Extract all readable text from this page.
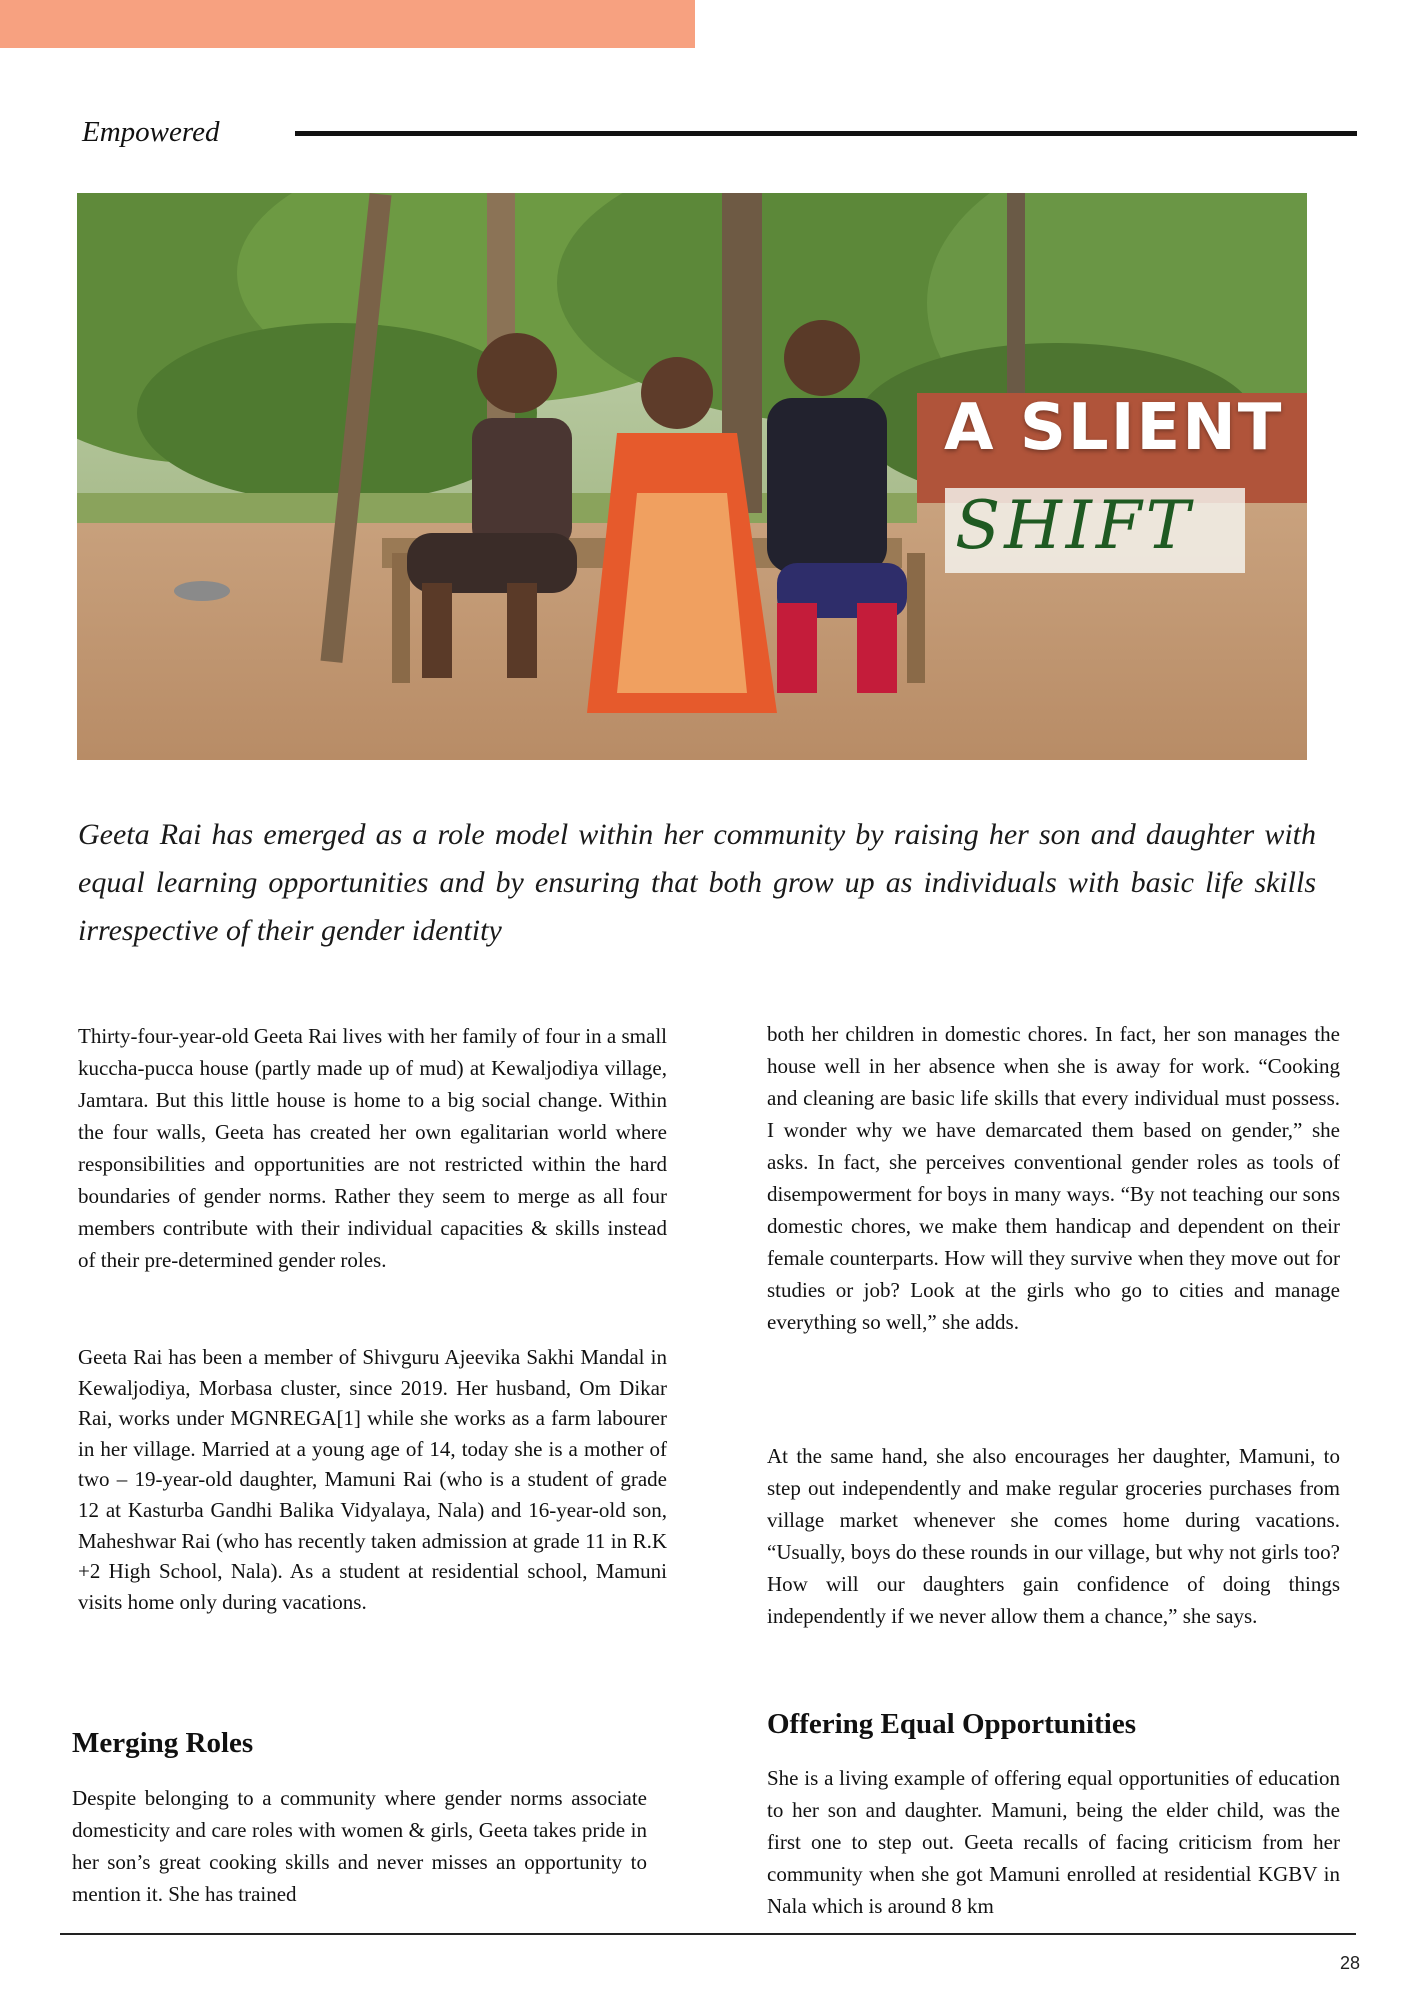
Empowered
A SLIENT
SHIFT
Geeta Rai has emerged as a role model within her community by raising her son and daughter with equal learning opportunities and by ensuring that both grow up as individuals with basic life skills irrespective of their gender identity
Thirty-four-year-old Geeta Rai lives with her family of four in a small kuccha-pucca house (partly made up of mud) at Kewaljodiya village, Jamtara. But this little house is home to a big social change. Within the four walls, Geeta has created her own egalitarian world where responsibilities and opportunities are not restricted within the hard boundaries of gender norms. Rather they seem to merge as all four members contribute with their individual capacities & skills instead of their pre-determined gender roles.
Geeta Rai has been a member of Shivguru Ajeevika Sakhi Mandal in Kewaljodiya, Morbasa cluster, since 2019. Her husband, Om Dikar Rai, works under MGNREGA[1] while she works as a farm labourer in her village. Married at a young age of 14, today she is a mother of two – 19-year-old daughter, Mamuni Rai (who is a student of grade 12 at Kasturba Gandhi Balika Vidyalaya, Nala) and 16-year-old son, Maheshwar Rai (who has recently taken admission at grade 11 in R.K +2 High School, Nala). As a student at residential school, Mamuni visits home only during vacations.
Merging Roles
Despite belonging to a community where gender norms associate domesticity and care roles with women & girls, Geeta takes pride in her son’s great cooking skills and never misses an opportunity to mention it. She has trained
both her children in domestic chores. In fact, her son manages the house well in her absence when she is away for work. “Cooking and cleaning are basic life skills that every individual must possess. I wonder why we have demarcated them based on gender,” she asks. In fact, she perceives conventional gender roles as tools of disempowerment for boys in many ways. “By not teaching our sons domestic chores, we make them handicap and dependent on their female counterparts. How will they survive when they move out for studies or job? Look at the girls who go to cities and manage everything so well,” she adds.
At the same hand, she also encourages her daughter, Mamuni, to step out independently and make regular groceries purchases from village market whenever she comes home during vacations. “Usually, boys do these rounds in our village, but why not girls too? How will our daughters gain confidence of doing things independently if we never allow them a chance,” she says.
Offering Equal Opportunities
She is a living example of offering equal opportunities of education to her son and daughter. Mamuni, being the elder child, was the first one to step out. Geeta recalls of facing criticism from her community when she got Mamuni enrolled at residential KGBV in Nala which is around 8 km
28
